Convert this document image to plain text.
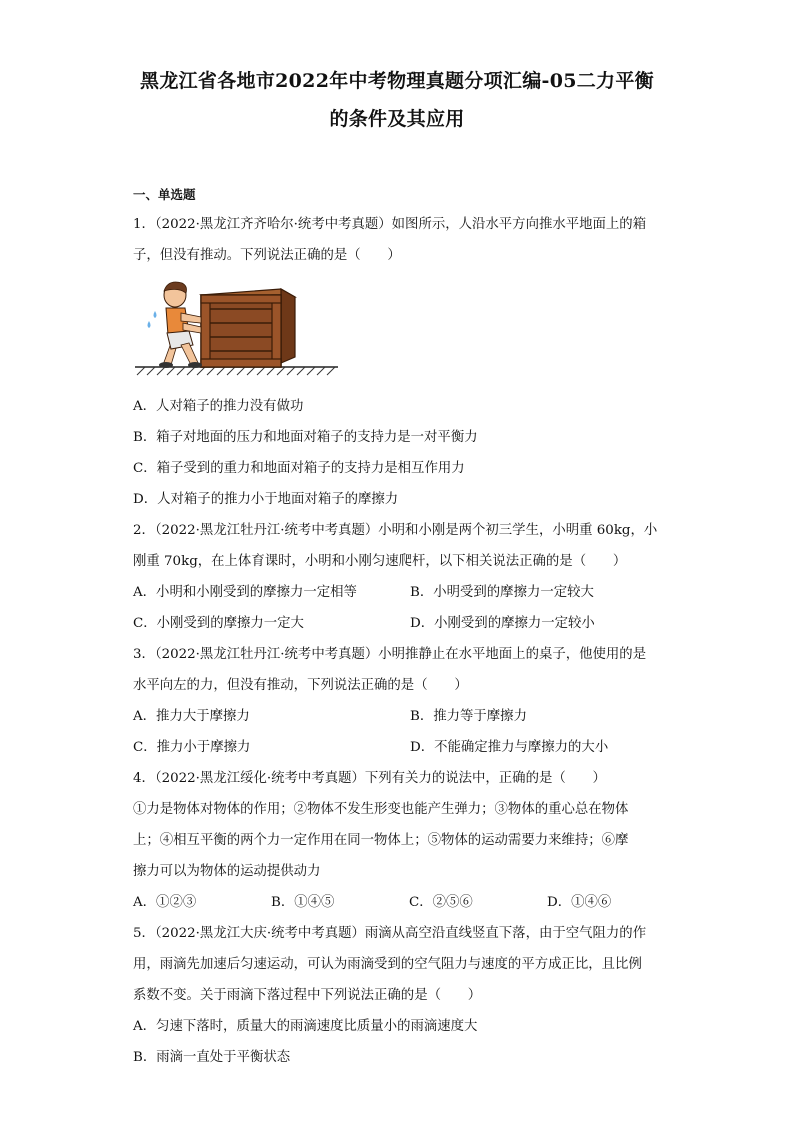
黑龙江省各地市2022年中考物理真题分项汇编-05二力平衡
的条件及其应用
一、单选题
1．（2022·黑龙江齐齐哈尔·统考中考真题）如图所示，人沿水平方向推水平地面上的箱
子，但没有推动。下列说法正确的是（　　）
A．人对箱子的推力没有做功
B．箱子对地面的压力和地面对箱子的支持力是一对平衡力
C．箱子受到的重力和地面对箱子的支持力是相互作用力
D．人对箱子的推力小于地面对箱子的摩擦力
2．（2022·黑龙江牡丹江·统考中考真题）小明和小刚是两个初三学生，小明重 60kg，小
刚重 70kg，在上体育课时，小明和小刚匀速爬杆，以下相关说法正确的是（　　）
A．小明和小刚受到的摩擦力一定相等	B．小明受到的摩擦力一定较大
C．小刚受到的摩擦力一定大	D．小刚受到的摩擦力一定较小
3．（2022·黑龙江牡丹江·统考中考真题）小明推静止在水平地面上的桌子，他使用的是
水平向左的力，但没有推动，下列说法正确的是（　　）
A．推力大于摩擦力	B．推力等于摩擦力
C．推力小于摩擦力	D．不能确定推力与摩擦力的大小
4．（2022·黑龙江绥化·统考中考真题）下列有关力的说法中，正确的是（　　）
①力是物体对物体的作用；②物体不发生形变也能产生弹力；③物体的重心总在物体
上；④相互平衡的两个力一定作用在同一物体上；⑤物体的运动需要力来维持；⑥摩
擦力可以为物体的运动提供动力
A．①②③	B．①④⑤	C．②⑤⑥	D．①④⑥
5．（2022·黑龙江大庆·统考中考真题）雨滴从高空沿直线竖直下落，由于空气阻力的作
用，雨滴先加速后匀速运动，可认为雨滴受到的空气阻力与速度的平方成正比，且比例
系数不变。关于雨滴下落过程中下列说法正确的是（　　）
A．匀速下落时，质量大的雨滴速度比质量小的雨滴速度大
B．雨滴一直处于平衡状态
